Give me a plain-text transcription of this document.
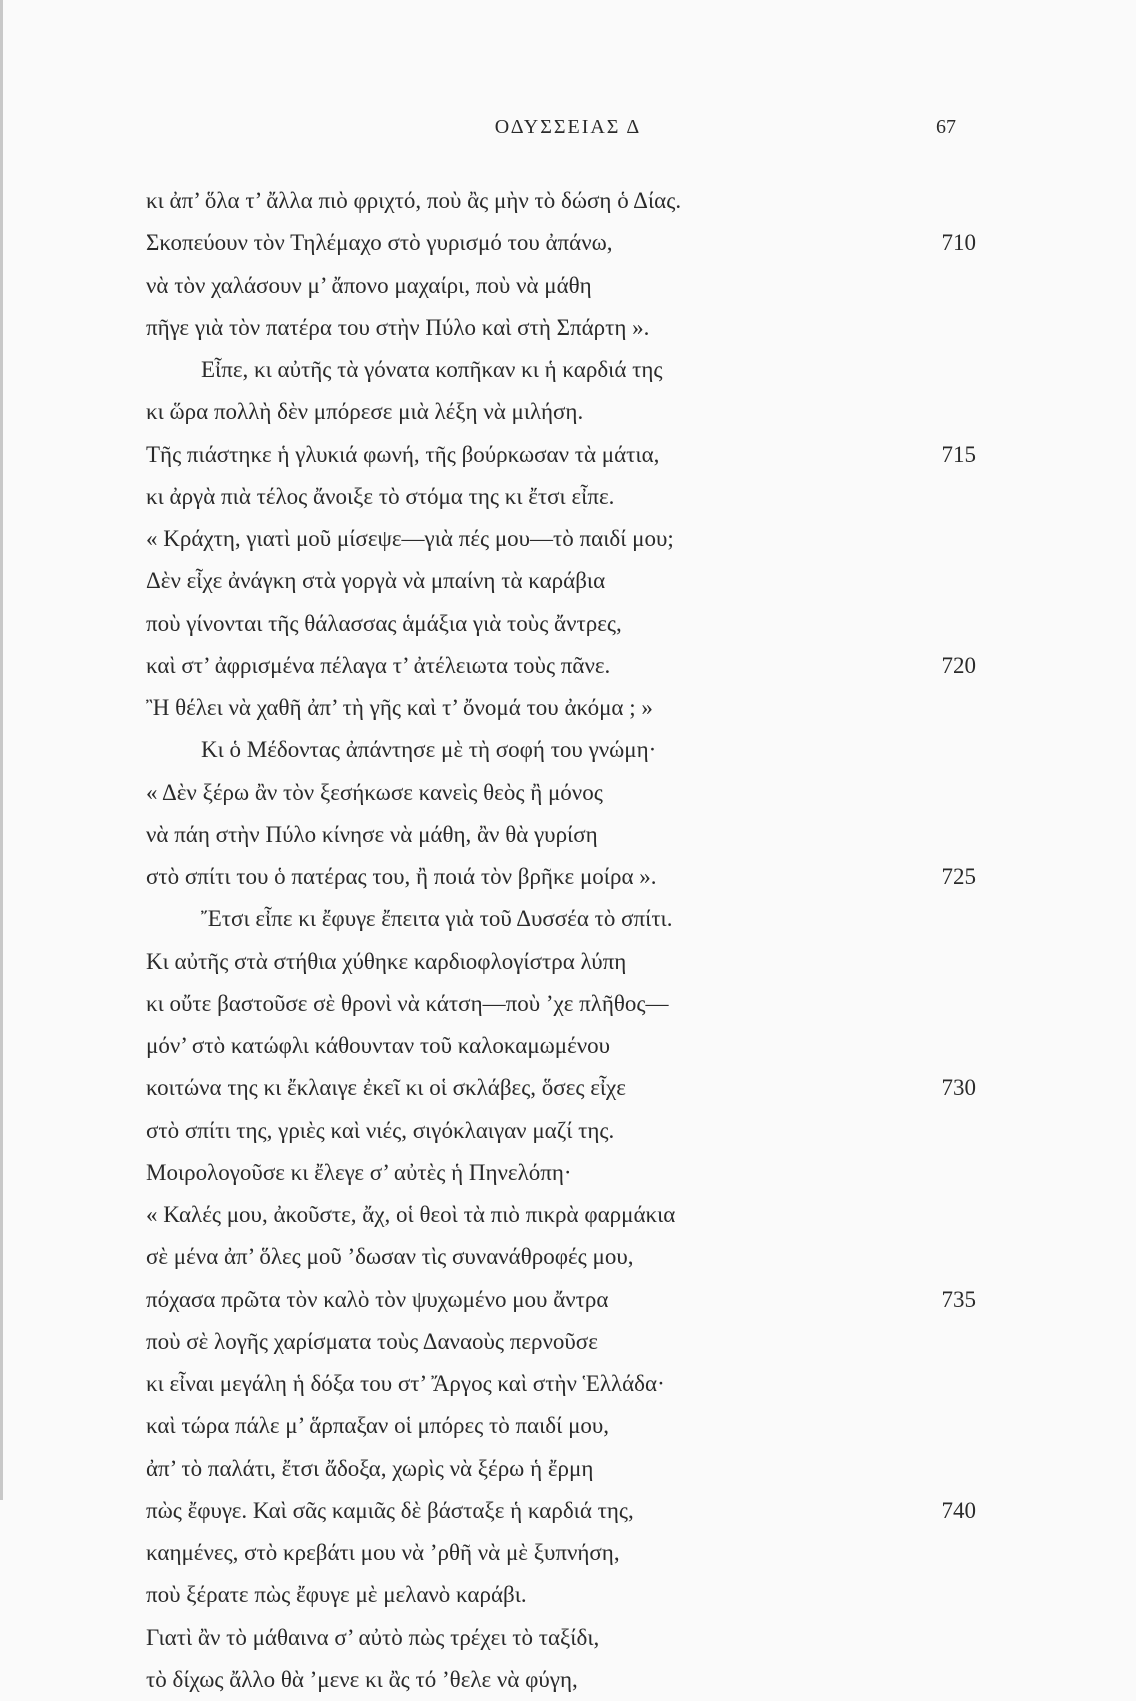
ΟΔΥΣΣΕΙΑΣ Δ	67
κι ἀπ’ ὅλα τ’ ἄλλα πιὸ φριχτό, ποὺ ἂς μὴν τὸ δώση ὁ Δίας.
Σκοπεύουν τὸν Τηλέμαχο στὸ γυρισμό του ἀπάνω,	710
νὰ τὸν χαλάσουν μ’ ἄπονο μαχαίρι, ποὺ νὰ μάθη
πῆγε γιὰ τὸν πατέρα του στὴν Πύλο καὶ στὴ Σπάρτη ».
Εἶπε, κι αὐτῆς τὰ γόνατα κοπῆκαν κι ἡ καρδιά της
κι ὥρα πολλὴ δὲν μπόρεσε μιὰ λέξη νὰ μιλήση.
Τῆς πιάστηκε ἡ γλυκιά φωνή, τῆς βούρκωσαν τὰ μάτια,	715
κι ἀργὰ πιὰ τέλος ἄνοιξε τὸ στόμα της κι ἔτσι εἶπε.
« Κράχτη, γιατὶ μοῦ μίσεψε—γιὰ πές μου—τὸ παιδί μου;
Δὲν εἶχε ἀνάγκη στὰ γοργὰ νὰ μπαίνη τὰ καράβια
ποὺ γίνονται τῆς θάλασσας ἁμάξια γιὰ τοὺς ἄντρες,
καὶ στ’ ἀφρισμένα πέλαγα τ’ ἀτέλειωτα τοὺς πᾶνε.	720
Ἢ θέλει νὰ χαθῆ ἀπ’ τὴ γῆς καὶ τ’ ὄνομά του ἀκόμα ; »
Κι ὁ Μέδοντας ἀπάντησε μὲ τὴ σοφή του γνώμη·
« Δὲν ξέρω ἂν τὸν ξεσήκωσε κανεὶς θεὸς ἢ μόνος
νὰ πάη στὴν Πύλο κίνησε νὰ μάθη, ἂν θὰ γυρίση
στὸ σπίτι του ὁ πατέρας του, ἢ ποιά τὸν βρῆκε μοίρα ».	725
Ἔτσι εἶπε κι ἔφυγε ἔπειτα γιὰ τοῦ Δυσσέα τὸ σπίτι.
Κι αὐτῆς στὰ στήθια χύθηκε καρδιοφλογίστρα λύπη
κι οὔτε βαστοῦσε σὲ θρονὶ νὰ κάτση—ποὺ ’χε πλῆθος—
μόν’ στὸ κατώφλι κάθουνταν τοῦ καλοκαμωμένου
κοιτώνα της κι ἔκλαιγε ἐκεῖ κι οἱ σκλάβες, ὅσες εἶχε	730
στὸ σπίτι της, γριὲς καὶ νιές, σιγόκλαιγαν μαζί της.
Μοιρολογοῦσε κι ἔλεγε σ’ αὐτὲς ἡ Πηνελόπη·
« Καλές μου, ἀκοῦστε, ἄχ, οἱ θεοὶ τὰ πιὸ πικρὰ φαρμάκια
σὲ μένα ἀπ’ ὅλες μοῦ ’δωσαν τὶς συνανάθροφές μου,
πόχασα πρῶτα τὸν καλὸ τὸν ψυχωμένο μου ἄντρα	735
ποὺ σὲ λογῆς χαρίσματα τοὺς Δαναοὺς περνοῦσε
κι εἶναι μεγάλη ἡ δόξα του στ’ Ἄργος καὶ στὴν Ἑλλάδα·
καὶ τώρα πάλε μ’ ἅρπαξαν οἱ μπόρες τὸ παιδί μου,
ἀπ’ τὸ παλάτι, ἔτσι ἄδοξα, χωρὶς νὰ ξέρω ἡ ἔρμη
πὼς ἔφυγε. Καὶ σᾶς καμιᾶς δὲ βάσταξε ἡ καρδιά της,	740
καημένες, στὸ κρεβάτι μου νὰ ’ρθῆ νὰ μὲ ξυπνήση,
ποὺ ξέρατε πὼς ἔφυγε μὲ μελανὸ καράβι.
Γιατὶ ἂν τὸ μάθαινα σ’ αὐτὸ πὼς τρέχει τὸ ταξίδι,
τὸ δίχως ἄλλο θὰ ’μενε κι ἂς τό ’θελε νὰ φύγη,
